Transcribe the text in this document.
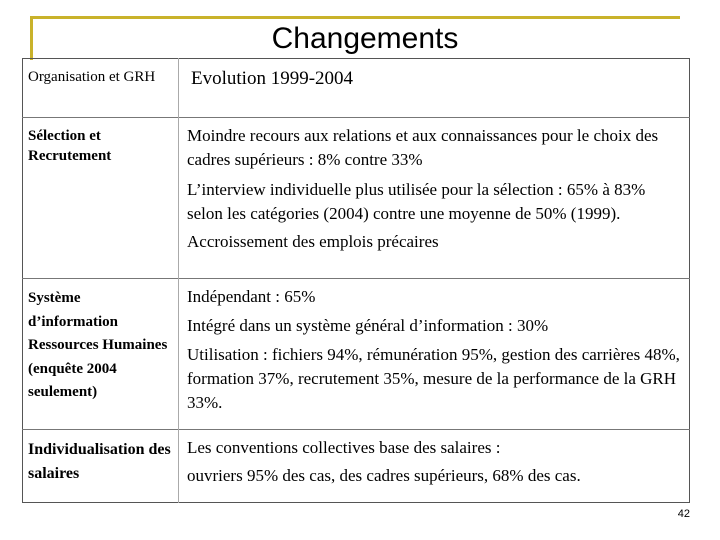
Changements
Organisation et GRH	Evolution 1999-2004
Sélection et Recrutement	Moindre recours aux relations et aux connaissances pour le choix des cadres supérieurs : 8% contre 33%
L’interview individuelle plus utilisée pour la sélection : 65% à 83% selon les catégories (2004) contre une moyenne de 50% (1999).
Accroissement des emplois précaires

Système d’information Ressources Humaines (enquête 2004 seulement)	Indépendant : 65%
Intégré dans un système général d’information : 30%
Utilisation : fichiers 94%, rémunération 95%, gestion des carrières 48%, formation 37%, recrutement 35%, mesure de la performance de la GRH 33%.

Individualisation des salaires	Les conventions collectives base des salaires :
ouvriers 95% des cas, des cadres supérieurs, 68% des cas.
42
